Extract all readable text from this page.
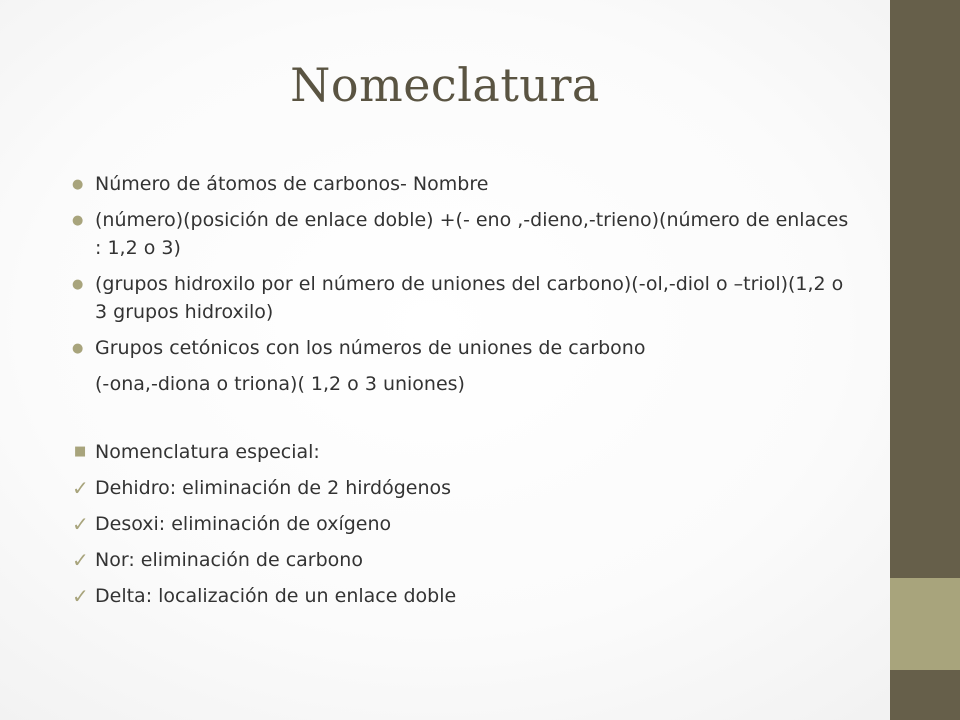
Nomeclatura
● Número de átomos de carbonos- Nombre
● (número)(posición de enlace doble) +(- eno ,-dieno,-trieno)(número de enlaces : 1,2 o 3)
● (grupos hidroxilo por el número de uniones del carbono)(-ol,-diol o –triol)(1,2 o 3 grupos hidroxilo)
● Grupos cetónicos con los números de uniones de carbono
(-ona,-diona o triona)( 1,2 o 3 uniones)
■ Nomenclatura especial:
✓ Dehidro: eliminación de 2 hirdógenos
✓ Desoxi: eliminación de oxígeno
✓ Nor: eliminación de carbono
✓ Delta: localización de un enlace doble
